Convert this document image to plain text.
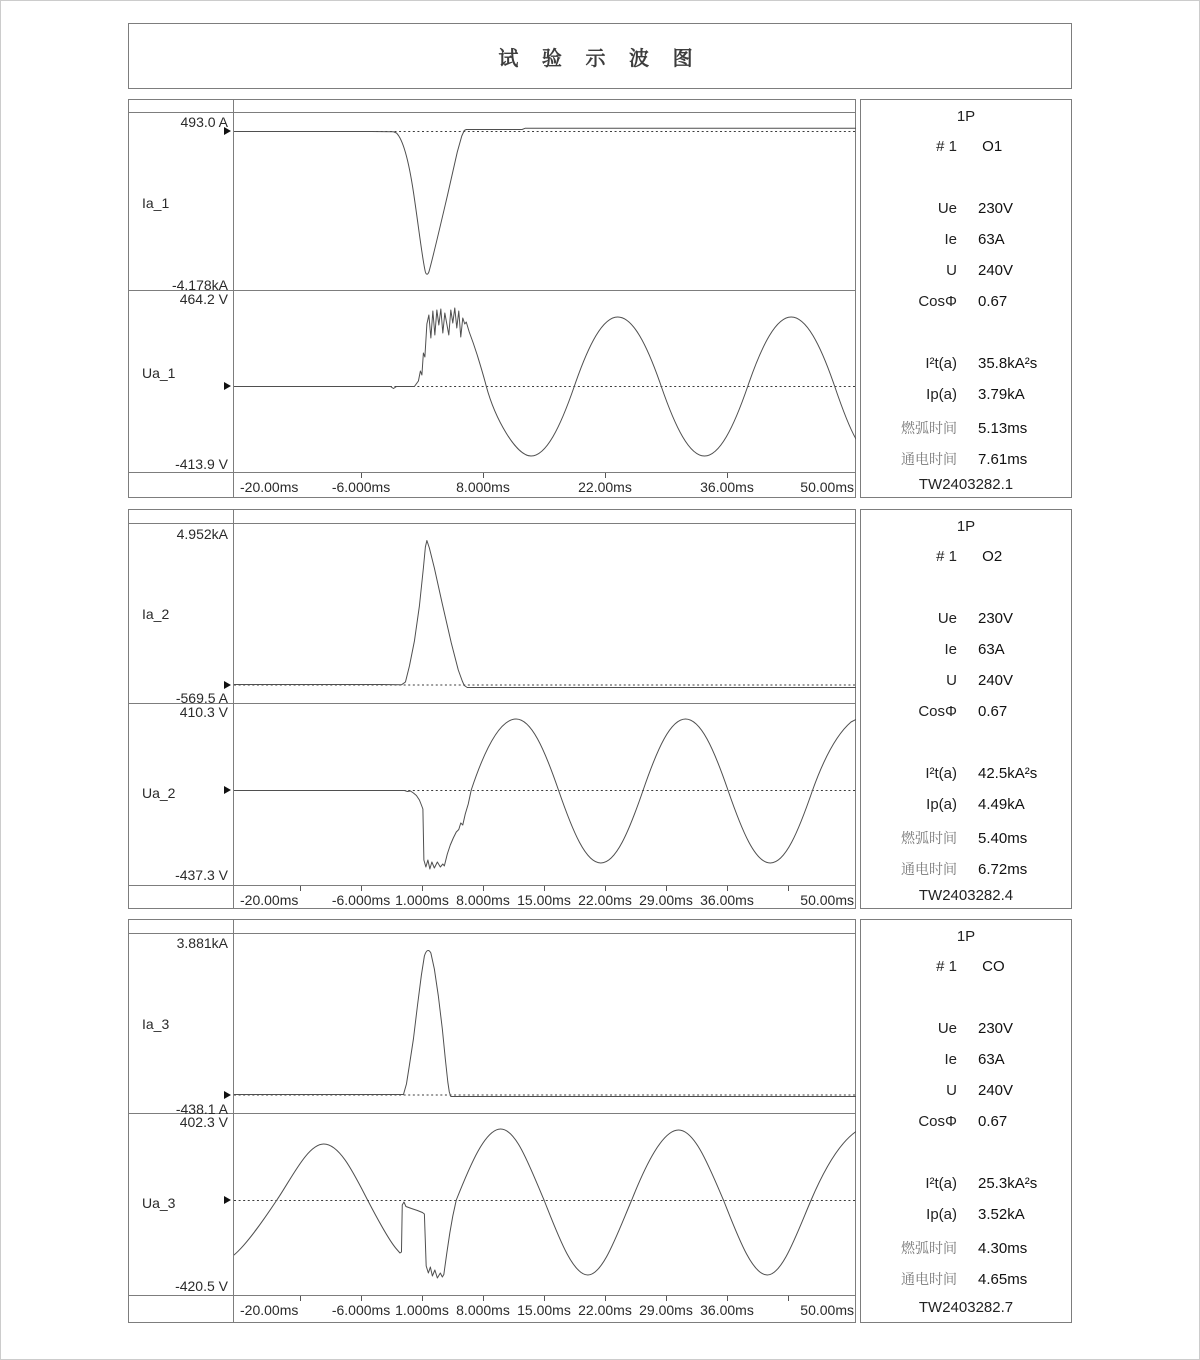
试 验 示 波 图
493.0 A
Ia_1
-4.178kA
464.2 V
Ua_1
-413.9 V
-20.00ms -6.000ms	8.000ms	22.00ms	36.00ms	50.00ms
1P
# 1 O1
Ue 230V
Ie 63A
U 240V
CosΦ 0.67
I²t(a) 35.8kA²s
Ip(a) 3.79kA
燃弧时间 5.13ms
通电时间 7.61ms
TW2403282.1
4.952kA
Ia_2
-569.5 A
410.3 V
Ua_2
-437.3 V
-20.00ms -6.000ms 1.000ms 8.000ms 15.00ms 22.00ms 29.00ms 36.00ms	50.00ms
1P
# 1 O2
Ue 230V
Ie 63A
U 240V
CosΦ 0.67
I²t(a) 42.5kA²s
Ip(a) 4.49kA
燃弧时间 5.40ms
通电时间 6.72ms
TW2403282.4
3.881kA
Ia_3
-438.1 A
402.3 V
Ua_3
-420.5 V
-20.00ms -6.000ms 1.000ms 8.000ms 15.00ms 22.00ms 29.00ms 36.00ms	50.00ms
1P
# 1 CO
Ue 230V
Ie 63A
U 240V
CosΦ 0.67
I²t(a) 25.3kA²s
Ip(a) 3.52kA
燃弧时间 4.30ms
通电时间 4.65ms
TW2403282.7
